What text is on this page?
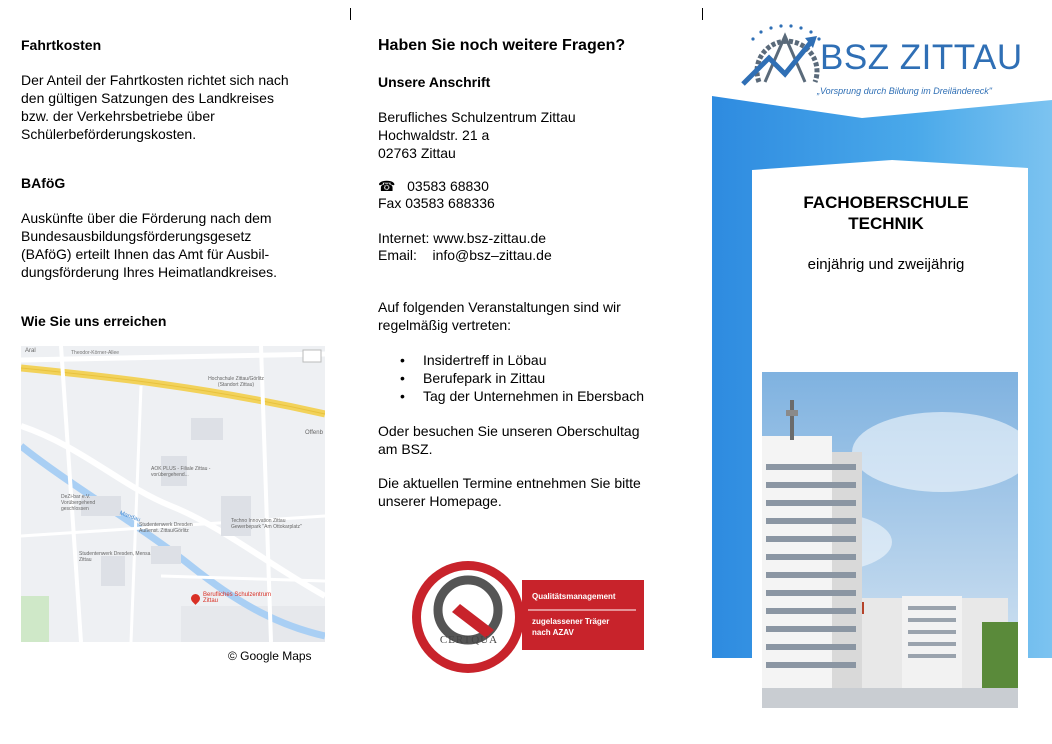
Fahrtkosten

Der Anteil der Fahrtkosten richtet sich nach
den gültigen Satzungen des Landkreises
bzw. der Verkehrsbetriebe über
Schülerbeförderungskosten.

BAföG

Auskünfte über die Förderung nach dem
Bundesausbildungsförderungsgesetz
(BAföG) erteilt Ihnen das Amt für Ausbil-
dungsförderung Ihres Heimatlandkreises.

Wie Sie uns erreichen

Aral	Theodor-Körner-Allee
Hochschule Zittau/Görlitz (Standort Zittau)
AOK PLUS - Filiale Zittau - vorübergehend...
DeZi-bar e.V. Vorübergehend geschlossen
Studentenwerk Dresden Außenst. Zittau/Görlitz
Studentenwerk Dresden, Mensa Zittau
Techno Innovation Zittau Gewerbepark "Am Ottokarplatz"
Berufliches Schulzentrum Zittau
Mandau
Offenb
© Google Maps

Haben Sie noch weitere Fragen?

Unsere Anschrift

Berufliches Schulzentrum Zittau
Hochwaldstr. 21 a
02763 Zittau

☎ 03583 68830

Fax 03583 688336

Internet: www.bsz-zittau.de

Email: info@bsz–zittau.de

Auf folgenden Veranstaltungen sind wir
regelmäßig vertreten:

• Insidertreff in Löbau
• Berufepark in Zittau
• Tag der Unternehmen in Ebersbach

Oder besuchen Sie unseren Oberschultag
am BSZ.

Die aktuellen Termine entnehmen Sie bitte
unserer Homepage.

CERTQUA
Qualitätsmanagement
zugelassener Träger
nach AZAV
FACHOBERSCHULE
TECHNIK
einjährig und zweijährig
BSZ ZITTAU
„Vorsprung durch Bildung im Dreiländereck"
